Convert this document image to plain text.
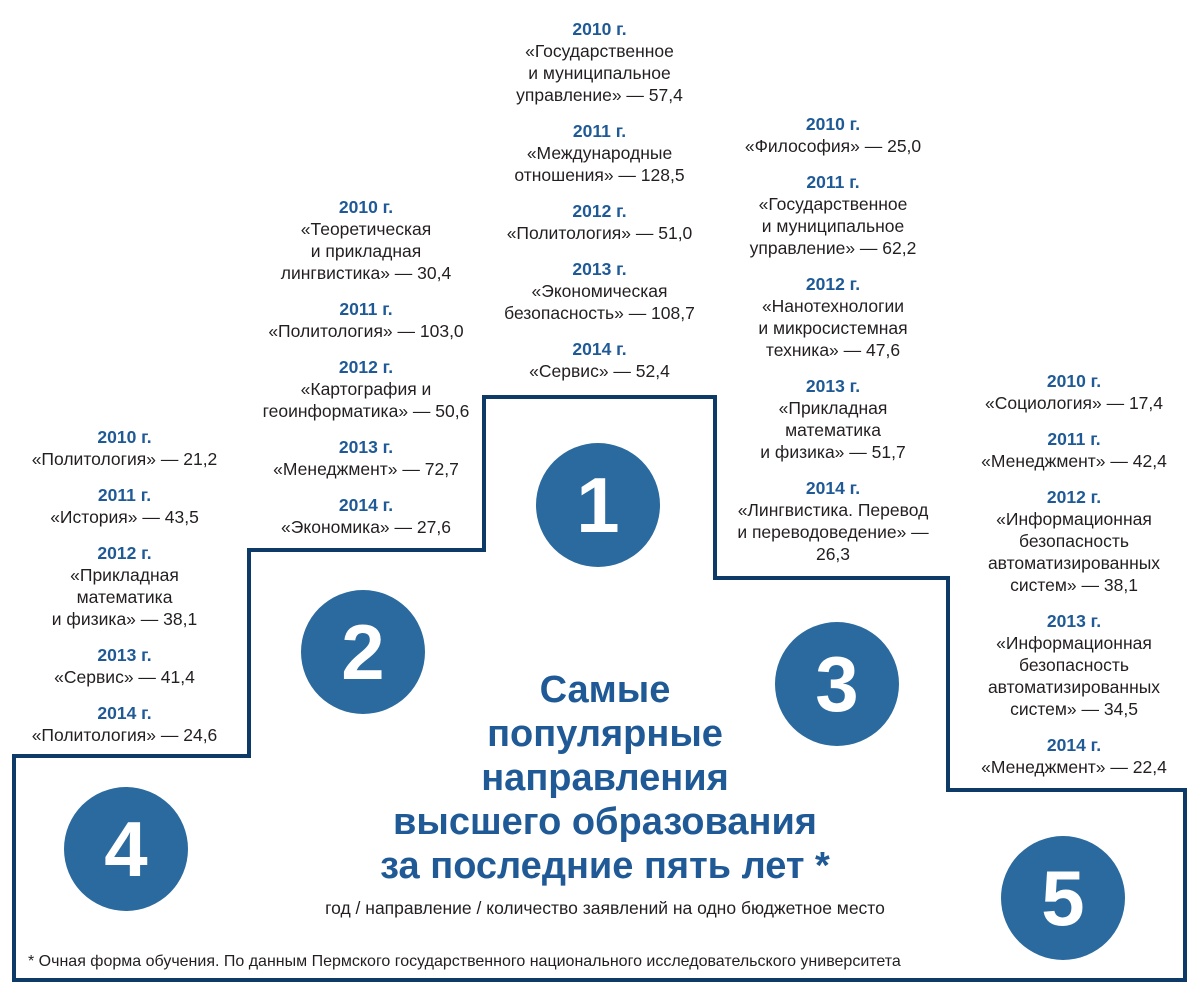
2010 г.
«Государственное
и муниципальное
управление» — 57,4
2011 г.
«Международные
отношения» — 128,5
2012 г.
«Политология» — 51,0
2013 г.
«Экономическая
безопасность» — 108,7
2014 г.
«Сервис» — 52,4
2010 г.
«Теоретическая
и прикладная
лингвистика» — 30,4
2011 г.
«Политология» — 103,0
2012 г.
«Картография и
геоинформатика» — 50,6
2013 г.
«Менеджмент» — 72,7
2014 г.
«Экономика» — 27,6
2010 г.
«Философия» — 25,0
2011 г.
«Государственное
и муниципальное
управление» — 62,2
2012 г.
«Нанотехнологии
и микросистемная
техника» — 47,6
2013 г.
«Прикладная
математика
и физика» — 51,7
2014 г.
«Лингвистика. Перевод
и переводоведение» —
26,3
2010 г.
«Политология» — 21,2
2011 г.
«История» — 43,5
2012 г.
«Прикладная
математика
и физика» — 38,1
2013 г.
«Сервис» — 41,4
2014 г.
«Политология» — 24,6
2010 г.
«Социология» — 17,4
2011 г.
«Менеджмент» — 42,4
2012 г.
«Информационная
безопасность
автоматизированных
систем» — 38,1
2013 г.
«Информационная
безопасность
автоматизированных
систем» — 34,5
2014 г.
«Менеджмент» — 22,4
1
2	3
4
5
Самые
популярные
направления
высшего образования
за последние пять лет *
год / направление / количество заявлений на одно бюджетное место
* Очная форма обучения. По данным Пермского государственного национального исследовательского университета
